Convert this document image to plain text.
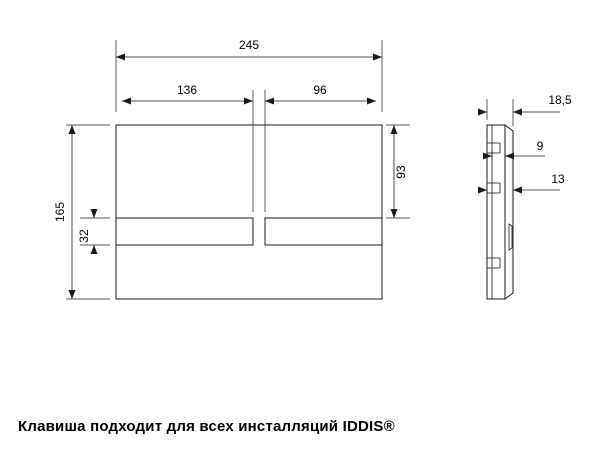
245
136	96
165
32
93
18,5
9
13
Клавиша подходит для всех инсталляций IDDIS®
